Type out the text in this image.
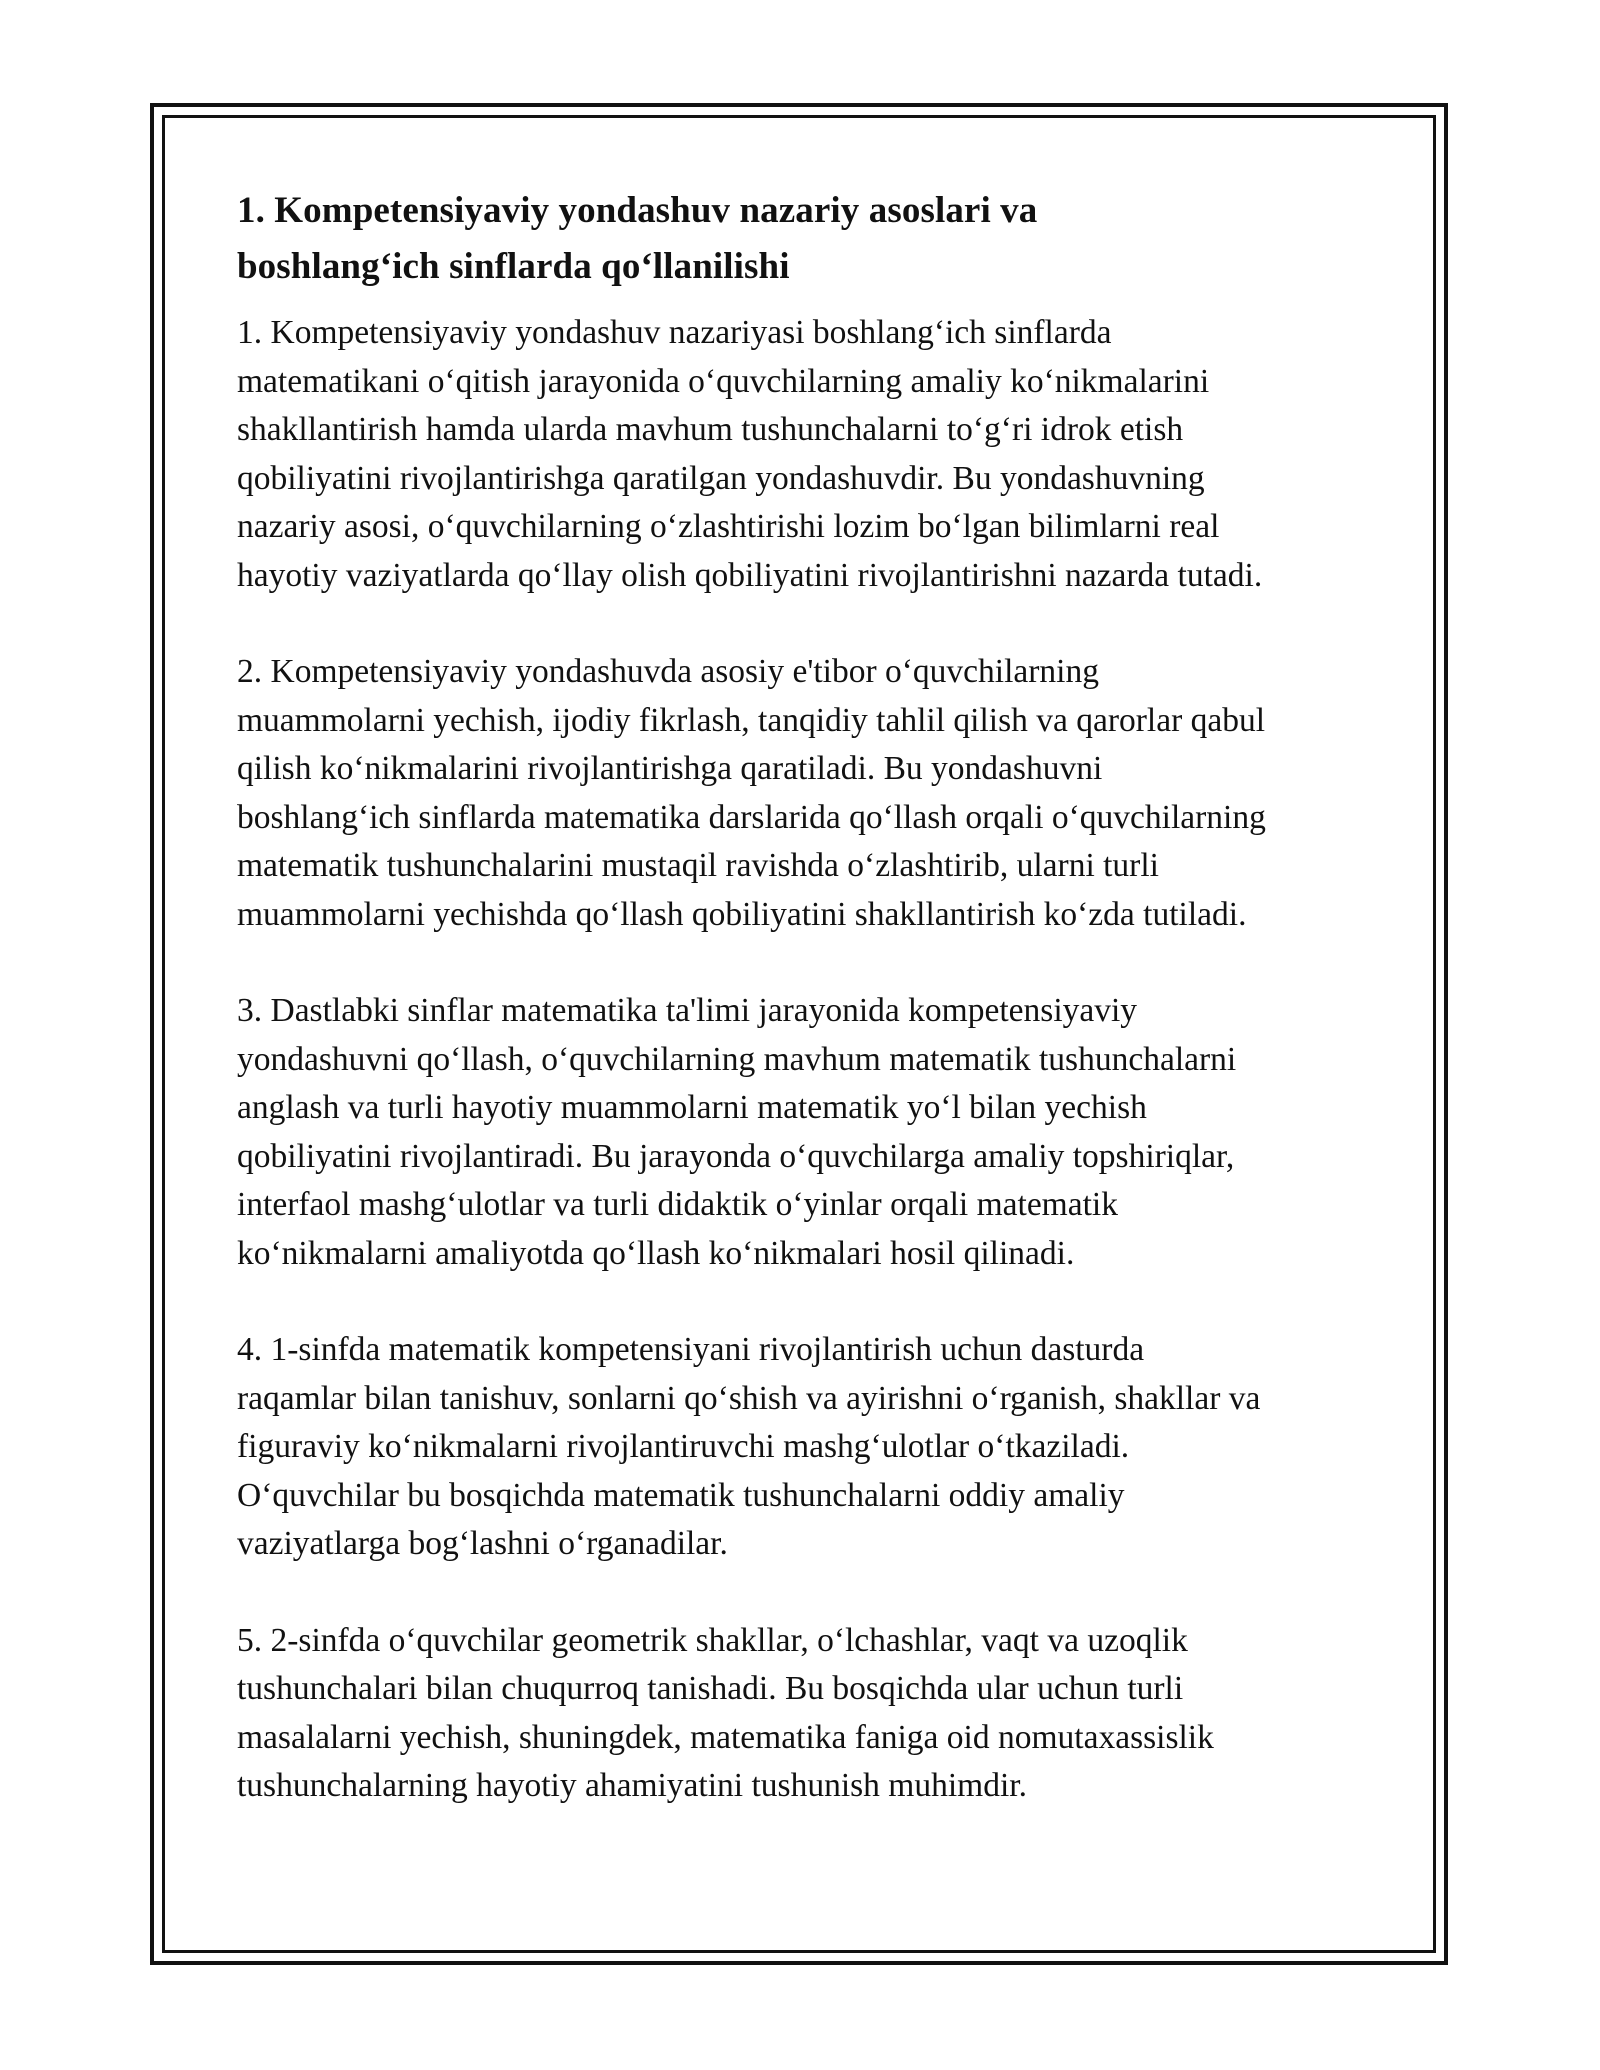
1. Kompetensiyaviy yondashuv nazariy asoslari va
boshlang‘ich sinflarda qo‘llanilishi
1. Kompetensiyaviy yondashuv nazariyasi boshlang‘ich sinflarda
matematikani o‘qitish jarayonida o‘quvchilarning amaliy ko‘nikmalarini
shakllantirish hamda ularda mavhum tushunchalarni to‘g‘ri idrok etish
qobiliyatini rivojlantirishga qaratilgan yondashuvdir. Bu yondashuvning
nazariy asosi, o‘quvchilarning o‘zlashtirishi lozim bo‘lgan bilimlarni real
hayotiy vaziyatlarda qo‘llay olish qobiliyatini rivojlantirishni nazarda tutadi.
2. Kompetensiyaviy yondashuvda asosiy e'tibor o‘quvchilarning
muammolarni yechish, ijodiy fikrlash, tanqidiy tahlil qilish va qarorlar qabul
qilish ko‘nikmalarini rivojlantirishga qaratiladi. Bu yondashuvni
boshlang‘ich sinflarda matematika darslarida qo‘llash orqali o‘quvchilarning
matematik tushunchalarini mustaqil ravishda o‘zlashtirib, ularni turli
muammolarni yechishda qo‘llash qobiliyatini shakllantirish ko‘zda tutiladi.
3. Dastlabki sinflar matematika ta'limi jarayonida kompetensiyaviy
yondashuvni qo‘llash, o‘quvchilarning mavhum matematik tushunchalarni
anglash va turli hayotiy muammolarni matematik yo‘l bilan yechish
qobiliyatini rivojlantiradi. Bu jarayonda o‘quvchilarga amaliy topshiriqlar,
interfaol mashg‘ulotlar va turli didaktik o‘yinlar orqali matematik
ko‘nikmalarni amaliyotda qo‘llash ko‘nikmalari hosil qilinadi.
4. 1-sinfda matematik kompetensiyani rivojlantirish uchun dasturda
raqamlar bilan tanishuv, sonlarni qo‘shish va ayirishni o‘rganish, shakllar va
figuraviy ko‘nikmalarni rivojlantiruvchi mashg‘ulotlar o‘tkaziladi.
O‘quvchilar bu bosqichda matematik tushunchalarni oddiy amaliy
vaziyatlarga bog‘lashni o‘rganadilar.
5. 2-sinfda o‘quvchilar geometrik shakllar, o‘lchashlar, vaqt va uzoqlik
tushunchalari bilan chuqurroq tanishadi. Bu bosqichda ular uchun turli
masalalarni yechish, shuningdek, matematika faniga oid nomutaxassislik
tushunchalarning hayotiy ahamiyatini tushunish muhimdir.
